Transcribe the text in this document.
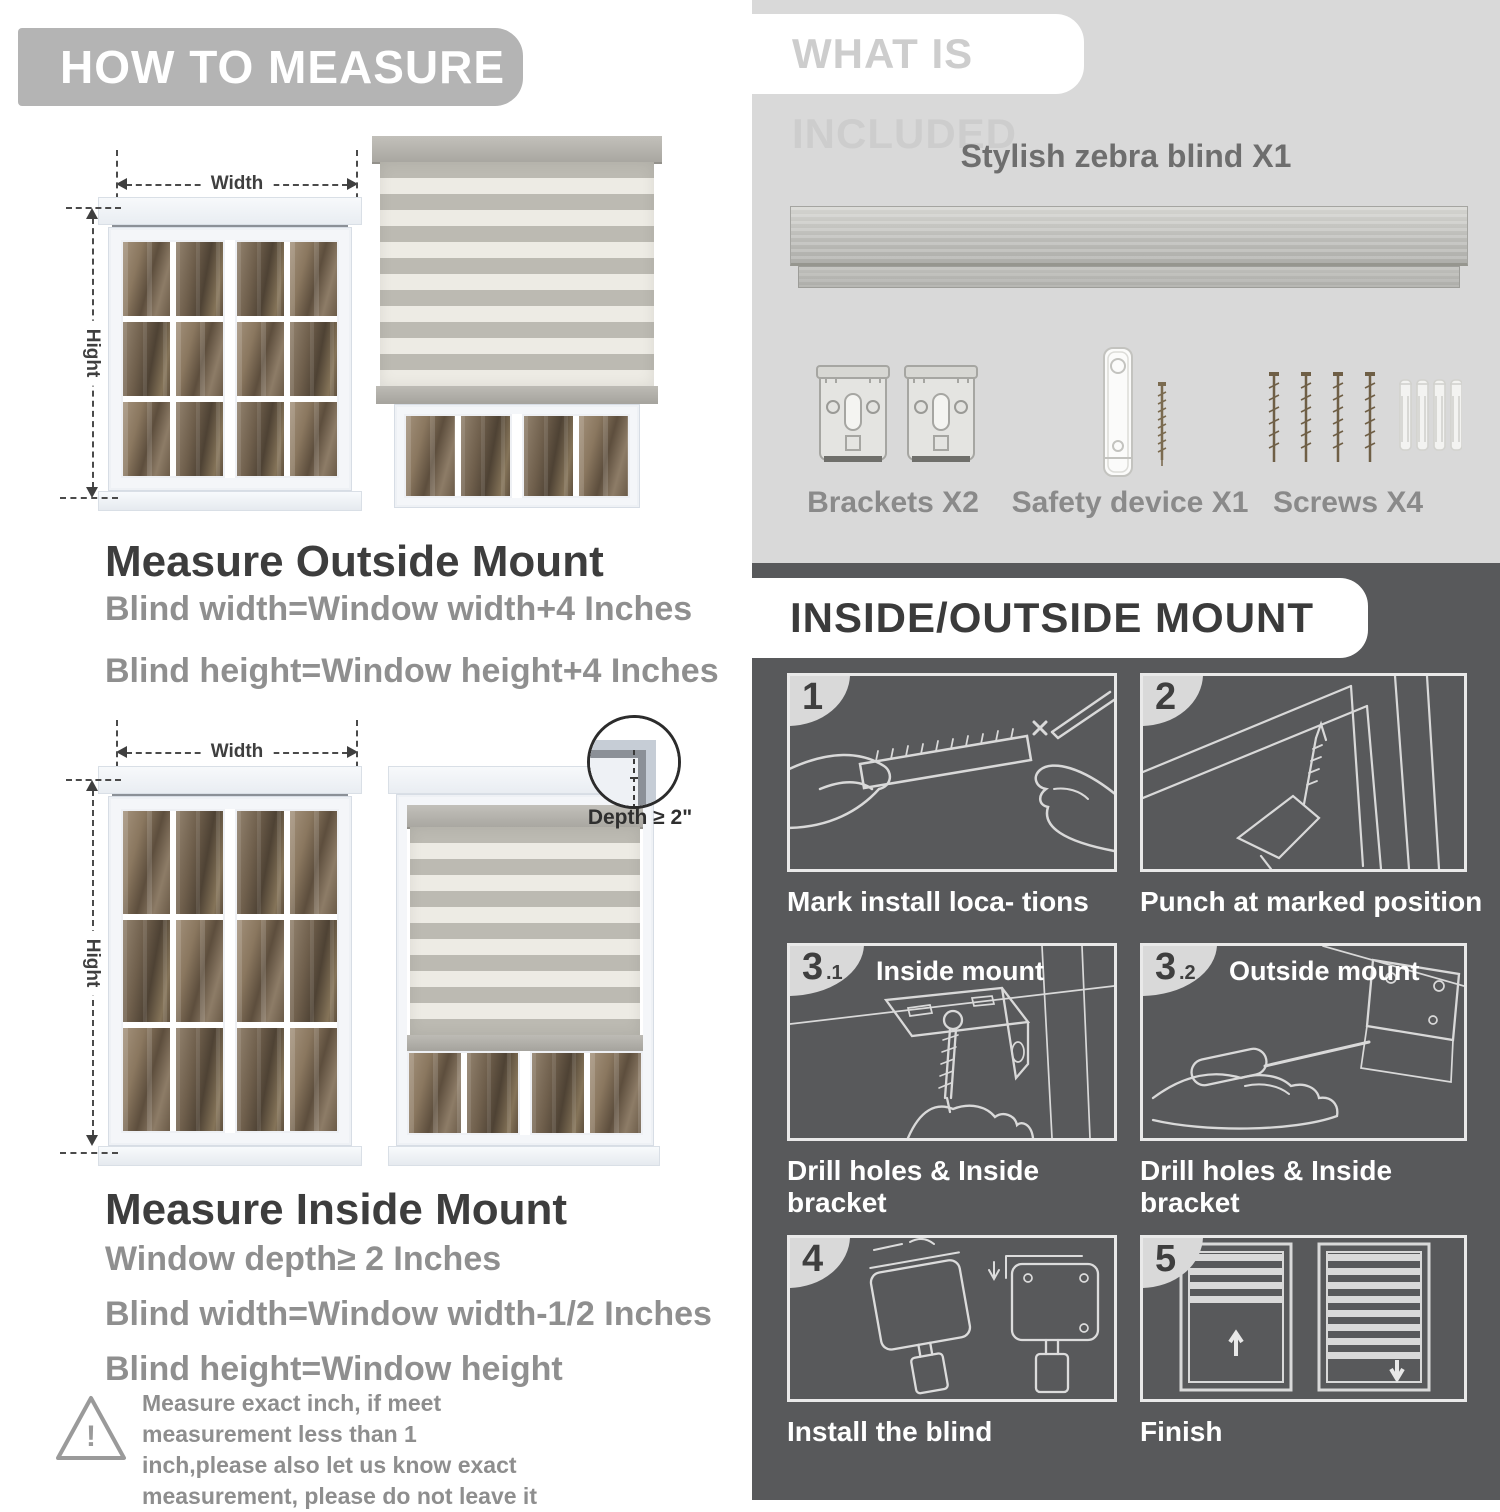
HOW TO MEASURE
Width
Hight
Measure Outside Mount
Blind width=Window width+4 Inches
Blind height=Window height+4 Inches
Width
Hight
Depth ≥ 2"
Measure Inside Mount
Window depth≥ 2 Inches
Blind width=Window width-1/2 Inches
Blind height=Window height
!
Measure exact inch, if meet measurement less than 1 inch,please also let us know exact measurement, please do not leave it
WHAT IS INCLUDED
Stylish zebra blind X1
Brackets X2	Safety device X1 Screws X4
INSIDE/OUTSIDE MOUNT
1	2
Mark install loca- tions	Punch at marked position
3 .1 Inside mount	3 .2 Outside mount
Drill holes & Inside bracket
Drill holes & Inside bracket
4	5
Install the blind	Finish
